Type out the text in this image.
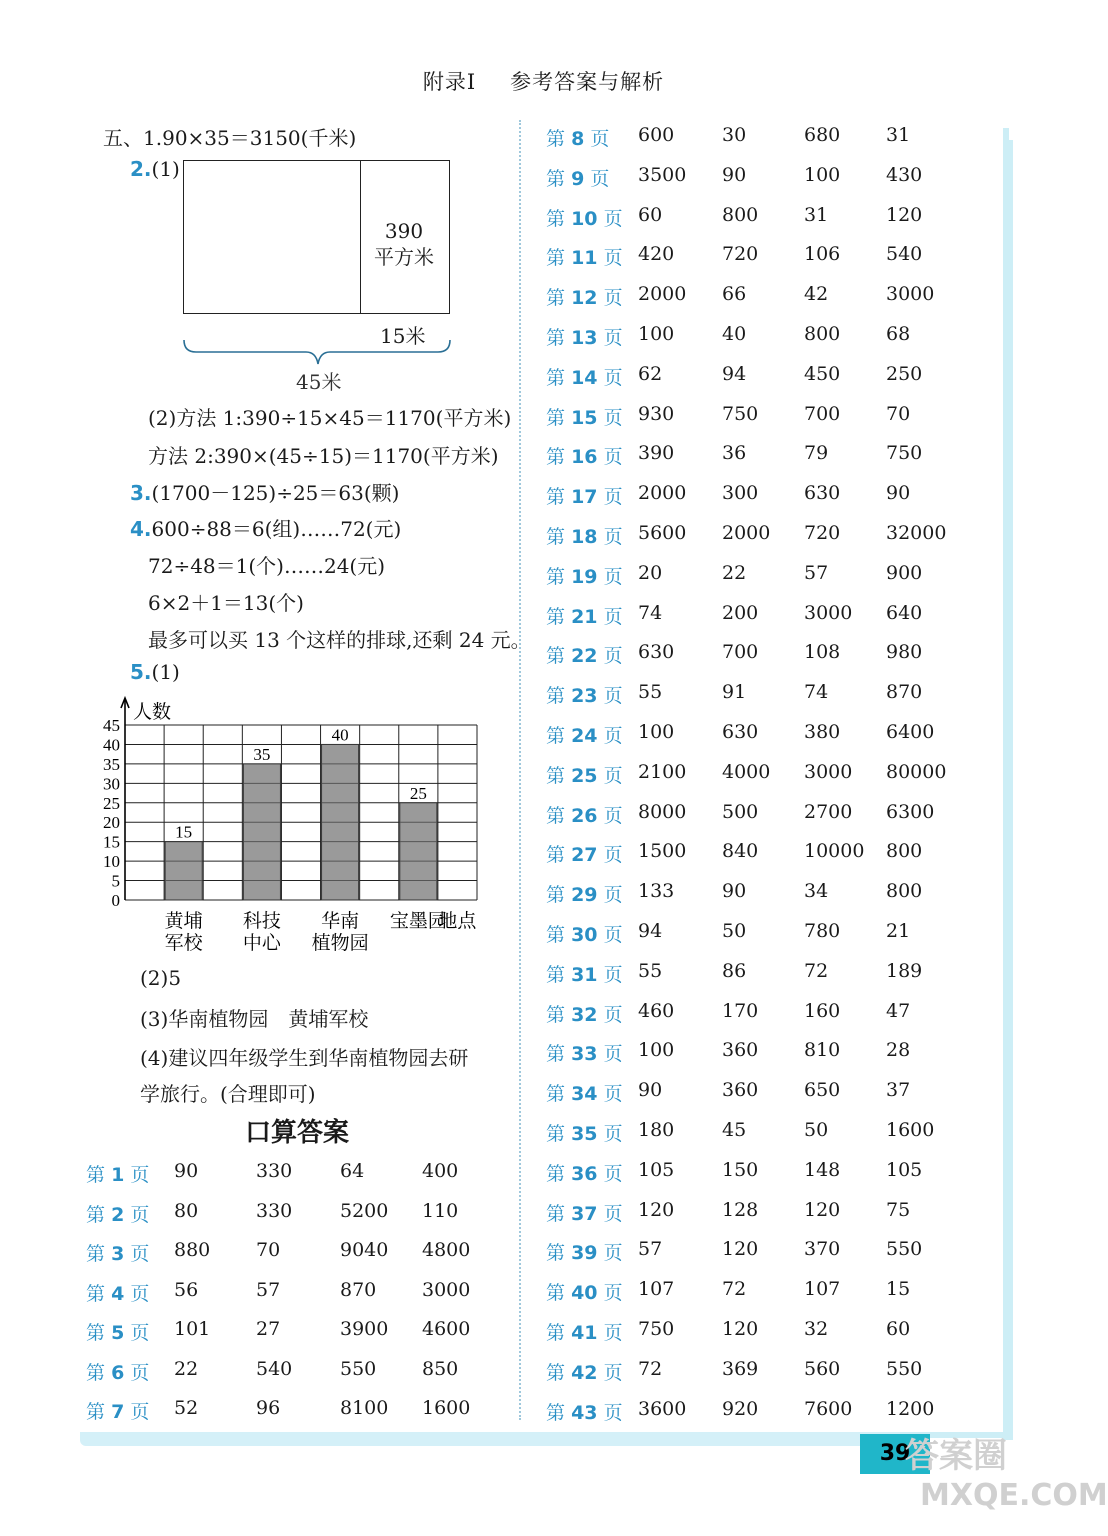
附录Ⅰ 参考答案与解析
五、1.90×35＝3150(千米)
2.(1)
390
平方米
15米
45米
(2)方法 1:390÷15×45＝1170(平方米)
方法 2:390×(45÷15)＝1170(平方米)
3.(1700－125)÷25＝63(颗)
4.600÷88＝6(组)……72(元)
72÷48＝1(个)……24(元)
6×2＋1＝13(个)
最多可以买 13 个这样的排球,还剩 24 元。
5.(1)
0
5
10
15
20
25
30
35
40
45
人数
15
黄埔
军校
35
科技
中心
40
华南
植物园
25
宝墨园
地点
(2)5
(3)华南植物园　黄埔军校
(4)建议四年级学生到华南植物园去研
学旅行。(合理即可)
口算答案
第 1 页 90	330	64	400
第 2 页 80	330	5200 110
第 3 页 880 70	9040 4800
第 4 页 56	57	870 3000
第 5 页 101 27	3900 4600
第 6 页 22	540	550 850
第 7 页 52	96	8100 1600
第 8 页 600	30	680 31
第 9 页 3500 90	100 430
第 10 页 60	800 31	120
第 11 页 420	720 106 540
第 12 页 2000 66	42	3000
第 13 页 100	40	800 68
第 14 页 62	94	450 250
第 15 页 930	750 700 70
第 16 页 390	36	79	750
第 17 页 2000 300 630 90
第 18 页 5600 2000 720 32000
第 19 页 20	22	57	900
第 21 页 74	200 3000 640
第 22 页 630	700 108 980
第 23 页 55	91	74	870
第 24 页 100	630 380 6400
第 25 页 2100 4000 3000 80000
第 26 页 8000 500 2700 6300
第 27 页 1500 840 10000 800
第 29 页 133	90	34	800
第 30 页 94	50	780 21
第 31 页 55	86	72	189
第 32 页 460	170 160 47
第 33 页 100	360 810 28
第 34 页 90	360 650 37
第 35 页 180	45	50	1600
第 36 页 105	150 148 105
第 37 页 120	128 120 75
第 39 页 57	120 370 550
第 40 页 107	72	107 15
第 41 页 750	120 32	60
第 42 页 72	369 560 550
第 43 页 3600 920 7600 1200
39
答案圈
MXQE.COM
